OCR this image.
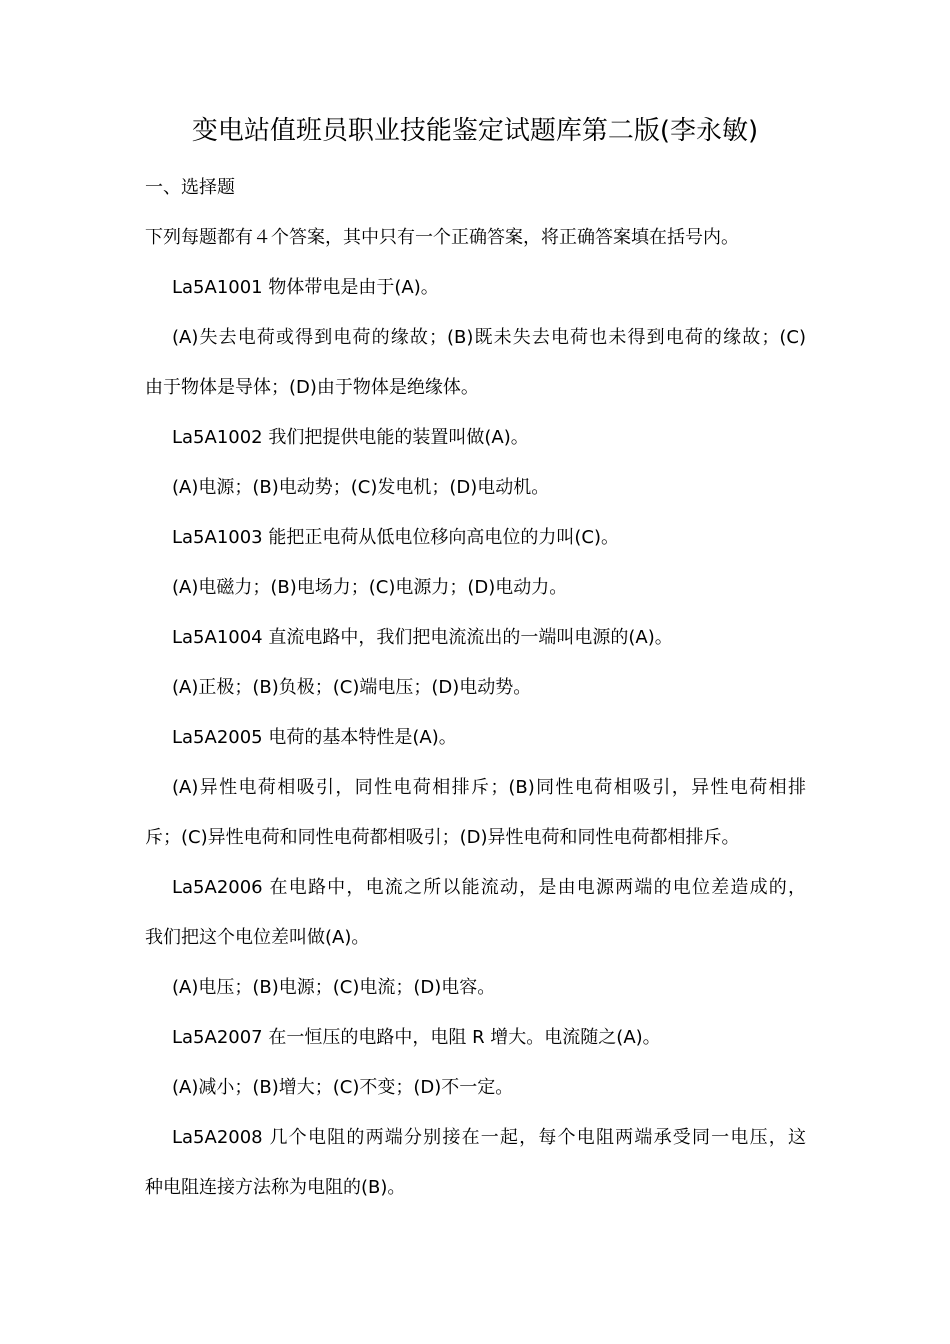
变电站值班员职业技能鉴定试题库第二版(李永敏)
一、选择题
下列每题都有４个答案，其中只有一个正确答案，将正确答案填在括号内。
La5A1001 物体带电是由于(A)。
(A)失去电荷或得到电荷的缘故；(B)既未失去电荷也未得到电荷的缘故；(C)
由于物体是导体；(D)由于物体是绝缘体。
La5A1002 我们把提供电能的装置叫做(A)。
(A)电源；(B)电动势；(C)发电机；(D)电动机。
La5A1003 能把正电荷从低电位移向高电位的力叫(C)。
(A)电磁力；(B)电场力；(C)电源力；(D)电动力。
La5A1004 直流电路中，我们把电流流出的一端叫电源的(A)。
(A)正极；(B)负极；(C)端电压；(D)电动势。
La5A2005 电荷的基本特性是(A)。
(A)异性电荷相吸引，同性电荷相排斥；(B)同性电荷相吸引，异性电荷相排
斥；(C)异性电荷和同性电荷都相吸引；(D)异性电荷和同性电荷都相排斥。
La5A2006 在电路中，电流之所以能流动，是由电源两端的电位差造成的，
我们把这个电位差叫做(A)。
(A)电压；(B)电源；(C)电流；(D)电容。
La5A2007 在一恒压的电路中，电阻 R 增大。电流随之(A)。
(A)减小；(B)增大；(C)不变；(D)不一定。
La5A2008 几个电阻的两端分别接在一起，每个电阻两端承受同一电压，这
种电阻连接方法称为电阻的(B)。
